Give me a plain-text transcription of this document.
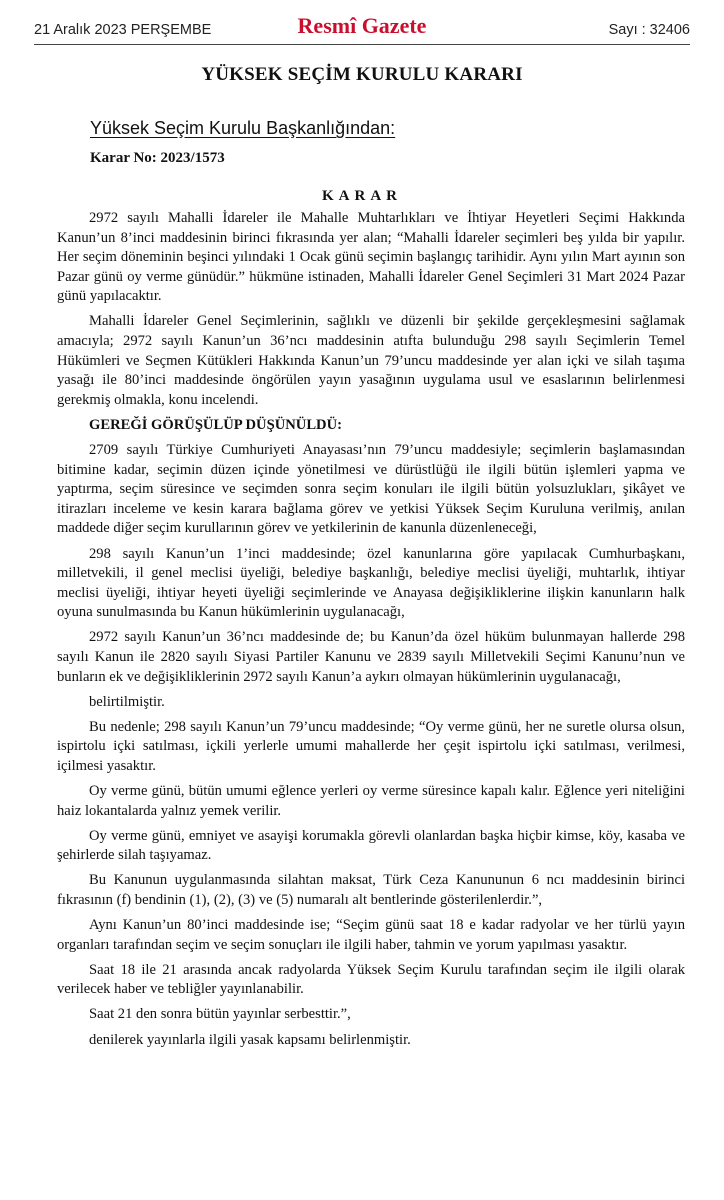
21 Aralık 2023 PERŞEMBE	Resmî Gazete	Sayı : 32406
YÜKSEK SEÇİM KURULU KARARI
Yüksek Seçim Kurulu Başkanlığından:
Karar No: 2023/1573
KARAR

2972 sayılı Mahalli İdareler ile Mahalle Muhtarlıkları ve İhtiyar Heyetleri Seçimi Hakkında Kanun’un 8’inci maddesinin birinci fıkrasında yer alan; “Mahalli İdareler seçimleri beş yılda bir yapılır. Her seçim döneminin beşinci yılındaki 1 Ocak günü seçimin başlangıç tarihidir. Aynı yılın Mart ayının son Pazar günü oy verme günüdür.” hükmüne istinaden, Mahalli İdareler Genel Seçimleri 31 Mart 2024 Pazar günü yapılacaktır.

Mahalli İdareler Genel Seçimlerinin, sağlıklı ve düzenli bir şekilde gerçekleşmesini sağlamak amacıyla; 2972 sayılı Kanun’un 36’ncı maddesinin atıfta bulunduğu 298 sayılı Seçimlerin Temel Hükümleri ve Seçmen Kütükleri Hakkında Kanun’un 79’uncu maddesinde yer alan içki ve silah taşıma yasağı ile 80’inci maddesinde öngörülen yayın yasağının uygulama usul ve esaslarının belirlenmesi gerekmiş olmakla, konu incelendi.

GEREĞİ GÖRÜŞÜLÜP DÜŞÜNÜLDÜ:

2709 sayılı Türkiye Cumhuriyeti Anayasası’nın 79’uncu maddesiyle; seçimlerin başlamasından bitimine kadar, seçimin düzen içinde yönetilmesi ve dürüstlüğü ile ilgili bütün işlemleri yapma ve yaptırma, seçim süresince ve seçimden sonra seçim konuları ile ilgili bütün yolsuzlukları, şikâyet ve itirazları inceleme ve kesin karara bağlama görev ve yetkisi Yüksek Seçim Kuruluna verilmiş, anılan maddede diğer seçim kurullarının görev ve yetkilerinin de kanunla düzenleneceği,

298 sayılı Kanun’un 1’inci maddesinde; özel kanunlarına göre yapılacak Cumhurbaşkanı, milletvekili, il genel meclisi üyeliği, belediye başkanlığı, belediye meclisi üyeliği, muhtarlık, ihtiyar meclisi üyeliği, ihtiyar heyeti üyeliği seçimlerinde ve Anayasa değişikliklerine ilişkin kanunların halk oyuna sunulmasında bu Kanun hükümlerinin uygulanacağı,

2972 sayılı Kanun’un 36’ncı maddesinde de; bu Kanun’da özel hüküm bulunmayan hallerde 298 sayılı Kanun ile 2820 sayılı Siyasi Partiler Kanunu ve 2839 sayılı Milletvekili Seçimi Kanunu’nun ve bunların ek ve değişikliklerinin 2972 sayılı Kanun’a aykırı olmayan hükümlerinin uygulanacağı,

belirtilmiştir.

Bu nedenle; 298 sayılı Kanun’un 79’uncu maddesinde; “Oy verme günü, her ne suretle olursa olsun, ispirtolu içki satılması, içkili yerlerle umumi mahallerde her çeşit ispirtolu içki satılması, verilmesi, içilmesi yasaktır.

Oy verme günü, bütün umumi eğlence yerleri oy verme süresince kapalı kalır. Eğlence yeri niteliğini haiz lokantalarda yalnız yemek verilir.

Oy verme günü, emniyet ve asayişi korumakla görevli olanlardan başka hiçbir kimse, köy, kasaba ve şehirlerde silah taşıyamaz.

Bu Kanunun uygulanmasında silahtan maksat, Türk Ceza Kanununun 6 ncı maddesinin birinci fıkrasının (f) bendinin (1), (2), (3) ve (5) numaralı alt bentlerinde gösterilenlerdir.”,

Aynı Kanun’un 80’inci maddesinde ise; “Seçim günü saat 18 e kadar radyolar ve her türlü yayın organları tarafından seçim ve seçim sonuçları ile ilgili haber, tahmin ve yorum yapılması yasaktır.

Saat 18 ile 21 arasında ancak radyolarda Yüksek Seçim Kurulu tarafından seçim ile ilgili olarak verilecek haber ve tebliğler yayınlanabilir.

Saat 21 den sonra bütün yayınlar serbesttir.”,

denilerek yayınlarla ilgili yasak kapsamı belirlenmiştir.
